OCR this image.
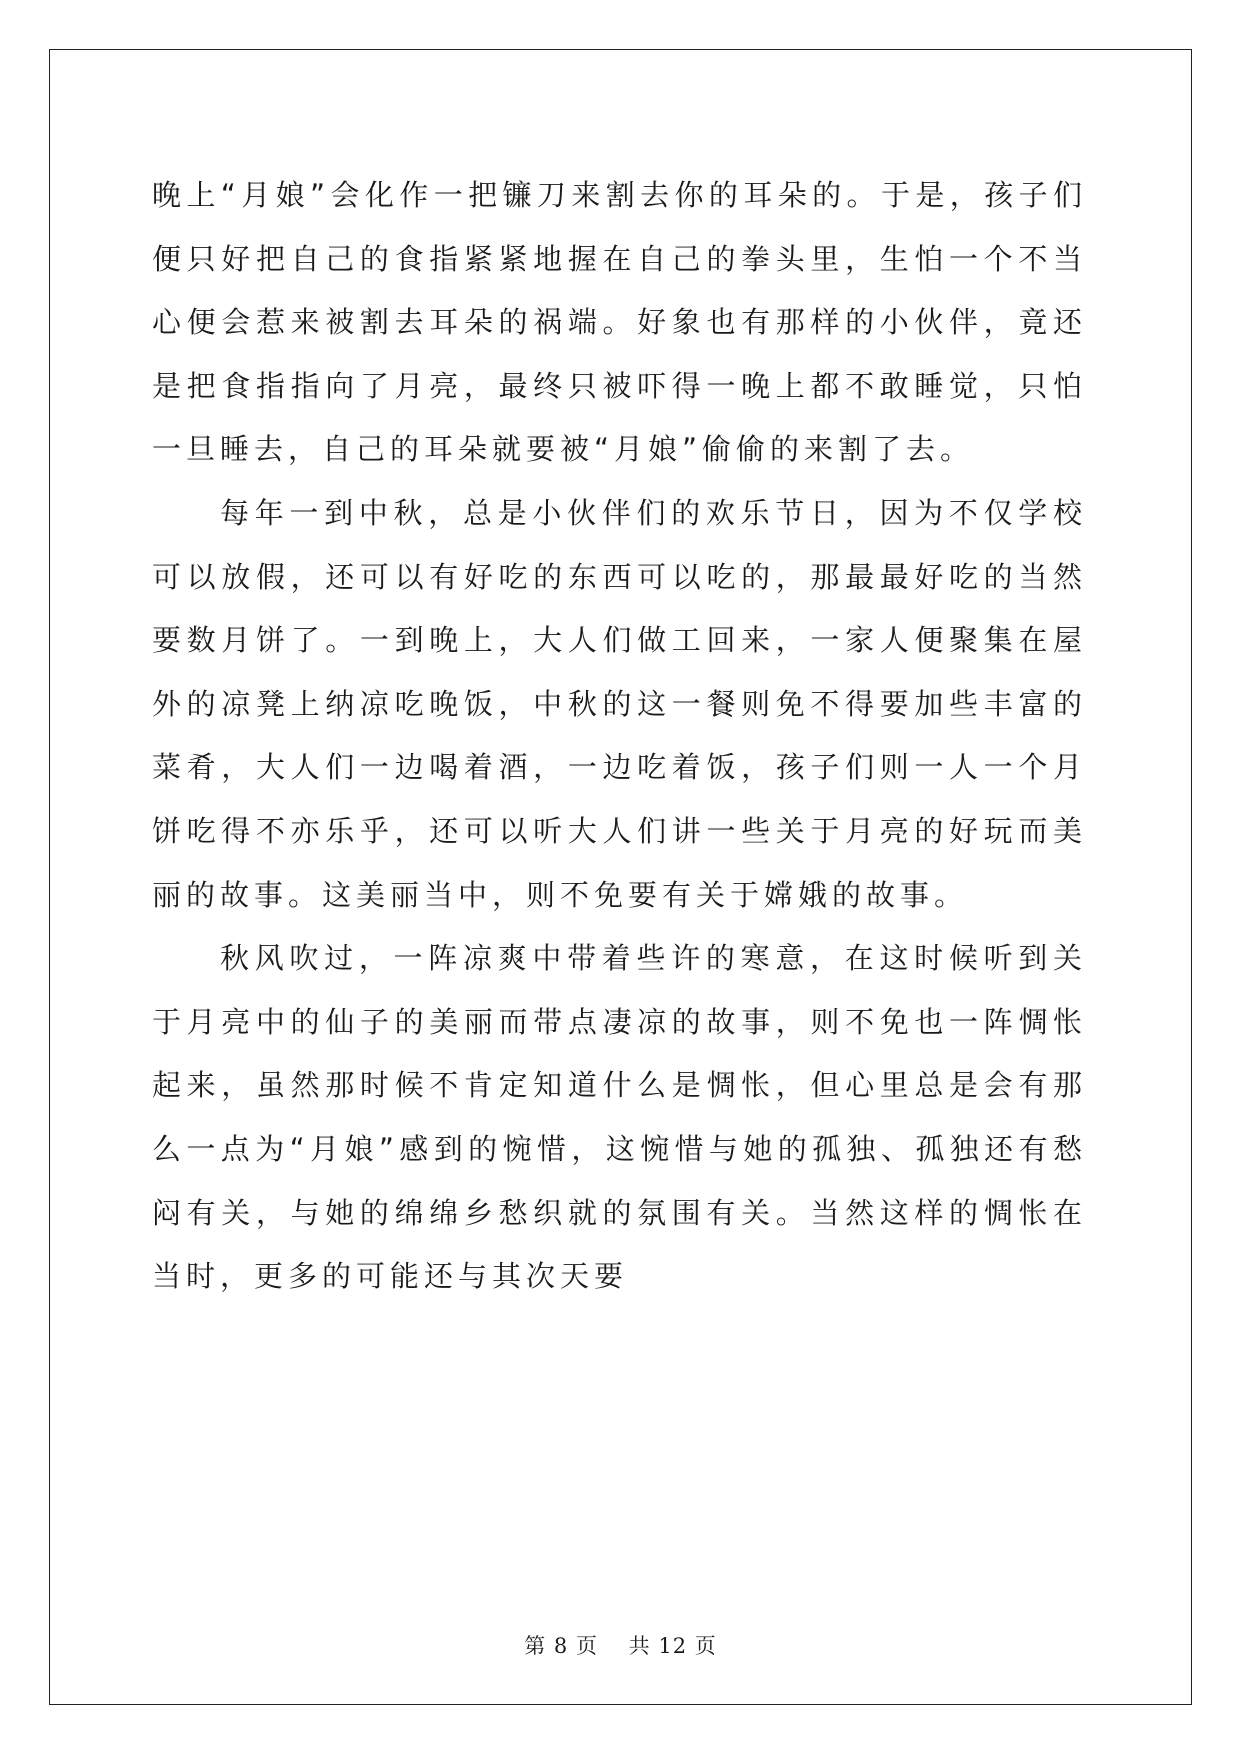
晚上“月娘”会化作一把镰刀来割去你的耳朵的。于是，孩子们便只好把自己的食指紧紧地握在自己的拳头里，生怕一个不当心便会惹来被割去耳朵的祸端。好象也有那样的小伙伴，竟还是把食指指向了月亮，最终只被吓得一晚上都不敢睡觉，只怕一旦睡去，自己的耳朵就要被“月娘”偷偷的来割了去。

每年一到中秋，总是小伙伴们的欢乐节日，因为不仅学校可以放假，还可以有好吃的东西可以吃的，那最最好吃的当然要数月饼了。一到晚上，大人们做工回来，一家人便聚集在屋外的凉凳上纳凉吃晚饭，中秋的这一餐则免不得要加些丰富的菜肴，大人们一边喝着酒，一边吃着饭，孩子们则一人一个月饼吃得不亦乐乎，还可以听大人们讲一些关于月亮的好玩而美丽的故事。这美丽当中，则不免要有关于嫦娥的故事。

秋风吹过，一阵凉爽中带着些许的寒意，在这时候听到关于月亮中的仙子的美丽而带点凄凉的故事，则不免也一阵惆怅起来，虽然那时候不肯定知道什么是惆怅，但心里总是会有那么一点为“月娘”感到的惋惜，这惋惜与她的孤独、孤独还有愁闷有关，与她的绵绵乡愁织就的氛围有关。当然这样的惆怅在当时，更多的可能还与其次天要

第 8 页 共 12 页
